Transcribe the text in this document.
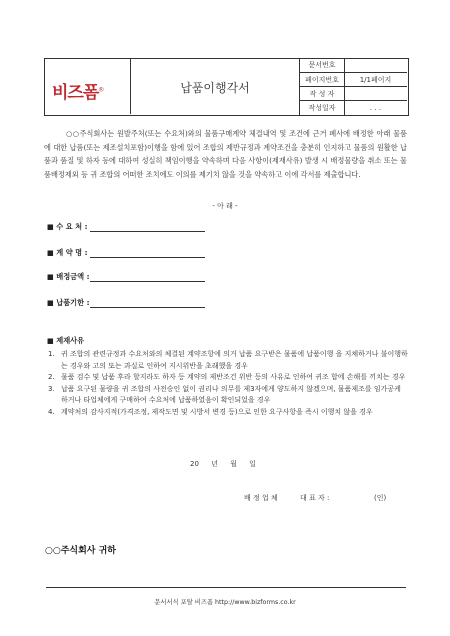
비즈폼®	납품이행각서
문서번호
페이지번호	1/1페이지
작 성 자
작성일자	. . .
○○주식회사는 원발주처(또는 수요처)와의 물품구매계약 체결내역 및 조건에 근거 폐사에 배정한 아래 물품에 대한 납품(또는 제조설치포함)이행을 함에 있어 조합의 제반규정과 계약조건을 충분히 인지하고 물품의 원활한 납품과 품질 및 하자 등에 대하여 성실히 책임이행을 약속하며 다음 사항이(제재사유) 발생 시 배정물량을 취소 또는 물품배정제외 등 귀 조합의 어떠한 조치에도 이의를 제기치 않을 것을 약속하고 이에 각서를 제출합니다.
- 아 래 -
■ 수 요 처 :
■ 계 약 명 :
■ 배정금액 :
■ 납품기한 :
■ 제재사유
1. 귀 조합의 관련규정과 수요처와의 체결된 계약조항에 의거 납품 요구받은 물품에 납품이행 을 지체하거나 불이행하는 경우와 고의 또는 과실로 인하여 지시위반을 초래했을 경우
2. 물품 검수 및 납품 후라 할지라도 하자 등 계약의 제반조건 위반 등의 사유로 인하여 귀조 합에 손해를 끼치는 경우
3. 납품 요구된 물량을 귀 조합의 사전승인 없이 권리나 의무를 제3자에게 양도하지 않겠으며, 물품제조를 임가공케 하거나 타업체에게 구매하여 수요처에 납품하였음이 확인되었을 경우
4. 계약처의 감사지적(가격조정, 제작도면 및 시방서 변경 등)으로 인한 요구사항을 즉시 이행치 않을 경우
20 년 월 일
배 정 업 체	대 표 자 :	(인)
○○주식회사 귀하
문서서식 포탈 비즈폼 http://www.bizforms.co.kr
